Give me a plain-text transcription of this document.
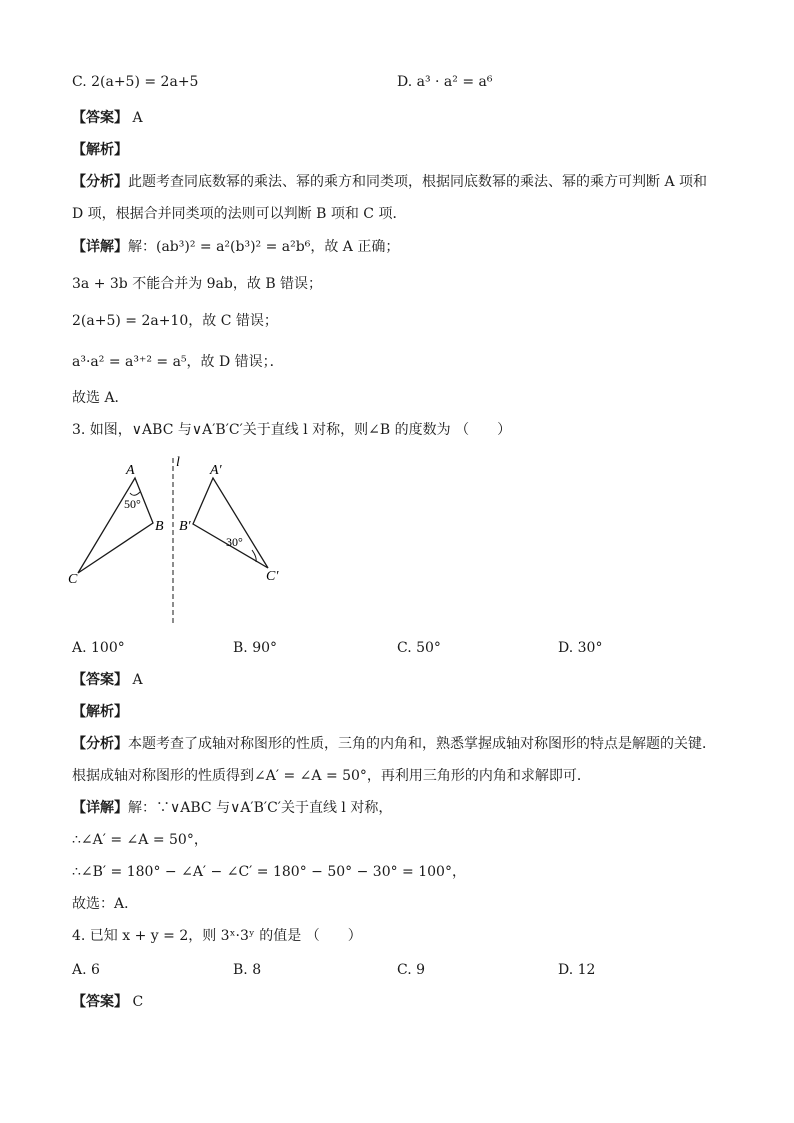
C. 2(a+5) = 2a+5	D. a³ · a² = a⁶
【答案】 A
【解析】
【分析】此题考查同底数幂的乘法、幂的乘方和同类项，根据同底数幂的乘法、幂的乘方可判断 A 项和
D 项，根据合并同类项的法则可以判断 B 项和 C 项．
【详解】解：(ab³)² = a²(b³)² = a²b⁶，故 A 正确；
3a + 3b 不能合并为 9ab，故 B 错误；
2(a+5) = 2a+10，故 C 错误；
a³·a² = a³⁺² = a⁵，故 D 错误；．
故选 A．
3. 如图，∨ABC 与∨A′B′C′关于直线 l 对称，则∠B 的度数为 （　　）
A
B
C
50°
l
A′
B′
C′
30°
A. 100°	B. 90°	C. 50°	D. 30°
【答案】 A
【解析】
【分析】本题考查了成轴对称图形的性质，三角的内角和，熟悉掌握成轴对称图形的特点是解题的关键．
根据成轴对称图形的性质得到∠A′ = ∠A = 50°，再利用三角形的内角和求解即可．
【详解】解：∵∨ABC 与∨A′B′C′关于直线 l 对称，
∴∠A′ = ∠A = 50°，
∴∠B′ = 180° − ∠A′ − ∠C′ = 180° − 50° − 30° = 100°，
故选：A．
4. 已知 x + y = 2，则 3ˣ·3ʸ 的值是 （　　）
A. 6	B. 8	C. 9	D. 12
【答案】 C
